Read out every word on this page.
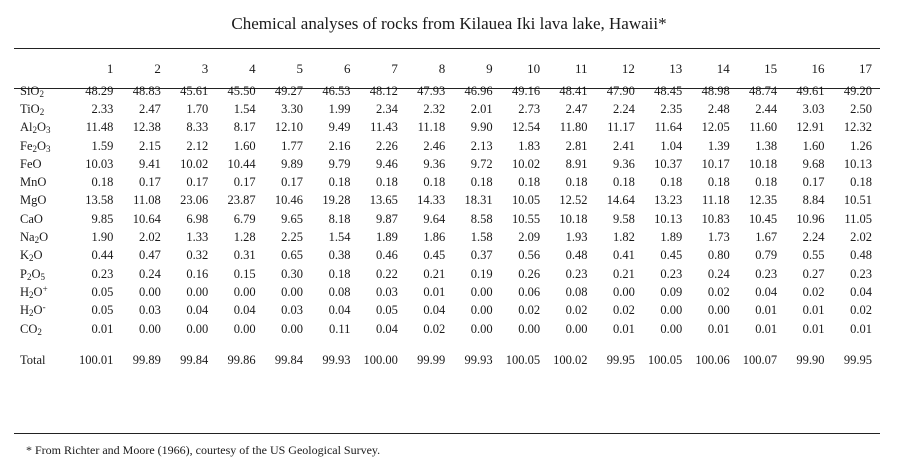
Chemical analyses of rocks from Kilauea Iki lava lake, Hawaii*
	1	2	3	4	5	6	7	8	9	10	11	12	13	14	15	16	17
SiO$_2$	48.29	48.83	45.61	45.50	49.27	46.53	48.12	47.93	46.96	49.16	48.41	47.90	48.45	48.98	48.74	49.61	49.20
TiO$_2$	2.33	2.47	1.70	1.54	3.30	1.99	2.34	2.32	2.01	2.73	2.47	2.24	2.35	2.48	2.44	3.03	2.50
$Al_2O_3$	11.48	12.38	8.33	8.17	12.10	9.49	11.43	11.18	9.90	12.54	11.80	11.17	11.64	12.05	11.60	12.91	12.32
$Fe_2O_3$	1.59	2.15	2.12	1.60	1.77	2.16	2.26	2.46	2.13	1.83	2.81	2.41	1.04	1.39	1.38	1.60	1.26
FeO	10.03	9.41	10.02	10.44	9.89	9.79	9.46	9.36	9.72	10.02	8.91	9.36	10.37	10.17	10.18	9.68	10.13
MnO	0.18	0.17	0.17	0.17	0.17	0.18	0.18	0.18	0.18	0.18	0.18	0.18	0.18	0.18	0.18	0.17	0.18
MgO	13.58	11.08	23.06	23.87	10.46	19.28	13.65	14.33	18.31	10.05	12.52	14.64	13.23	11.18	12.35	8.84	10.51
CaO	9.85	10.64	6.98	6.79	9.65	8.18	9.87	9.64	8.58	10.55	10.18	9.58	10.13	10.83	10.45	10.96	11.05
$Na_2O$	1.90	2.02	1.33	1.28	2.25	1.54	1.89	1.86	1.58	2.09	1.93	1.82	1.89	1.73	1.67	2.24	2.02
$K_2O$	0.44	0.47	0.32	0.31	0.65	0.38	0.46	0.45	0.37	0.56	0.48	0.41	0.45	0.80	0.79	0.55	0.48
$P_2O_5$	0.23	0.24	0.16	0.15	0.30	0.18	0.22	0.21	0.19	0.26	0.23	0.21	0.23	0.24	0.23	0.27	0.23
$H_2O^+$	0.05	0.00	0.00	0.00	0.00	0.08	0.03	0.01	0.00	0.06	0.08	0.00	0.09	0.02	0.04	0.02	0.04
$H_2O^-$	0.05	0.03	0.04	0.04	0.03	0.04	0.05	0.04	0.00	0.02	0.02	0.02	0.00	0.00	0.01	0.01	0.02
$CO_2$	0.01	0.00	0.00	0.00	0.00	0.11	0.04	0.02	0.00	0.00	0.00	0.01	0.00	0.01	0.01	0.01	0.01
Total	100.01	99.89	99.84	99.86	99.84	99.93	100.00	99.99	99.93	100.05	100.02	99.95	100.05	100.06	100.07	99.90	99.95
* From Richter and Moore (1966), courtesy of the US Geological Survey.
